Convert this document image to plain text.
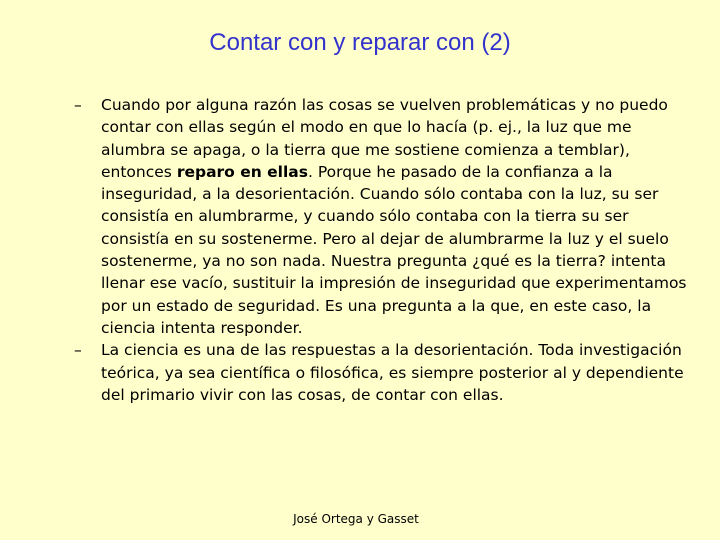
Contar con y reparar con (2)
– Cuando por alguna razón las cosas se vuelven problemáticas y no puedo contar con ellas según el modo en que lo hacía (p. ej., la luz que me alumbra se apaga, o la tierra que me sostiene comienza a temblar), entonces reparo en ellas. Porque he pasado de la confianza a la inseguridad, a la desorientación. Cuando sólo contaba con la luz, su ser consistía en alumbrarme, y cuando sólo contaba con la tierra su ser consistía en su sostenerme. Pero al dejar de alumbrarme la luz y el suelo sostenerme, ya no son nada. Nuestra pregunta ¿qué es la tierra? intenta llenar ese vacío, sustituir la impresión de inseguridad que experimentamos por un estado de seguridad. Es una pregunta a la que, en este caso, la ciencia intenta responder.
– La ciencia es una de las respuestas a la desorientación. Toda investigación teórica, ya sea científica o filosófica, es siempre posterior al y dependiente del primario vivir con las cosas, de contar con ellas.
José Ortega y Gasset
